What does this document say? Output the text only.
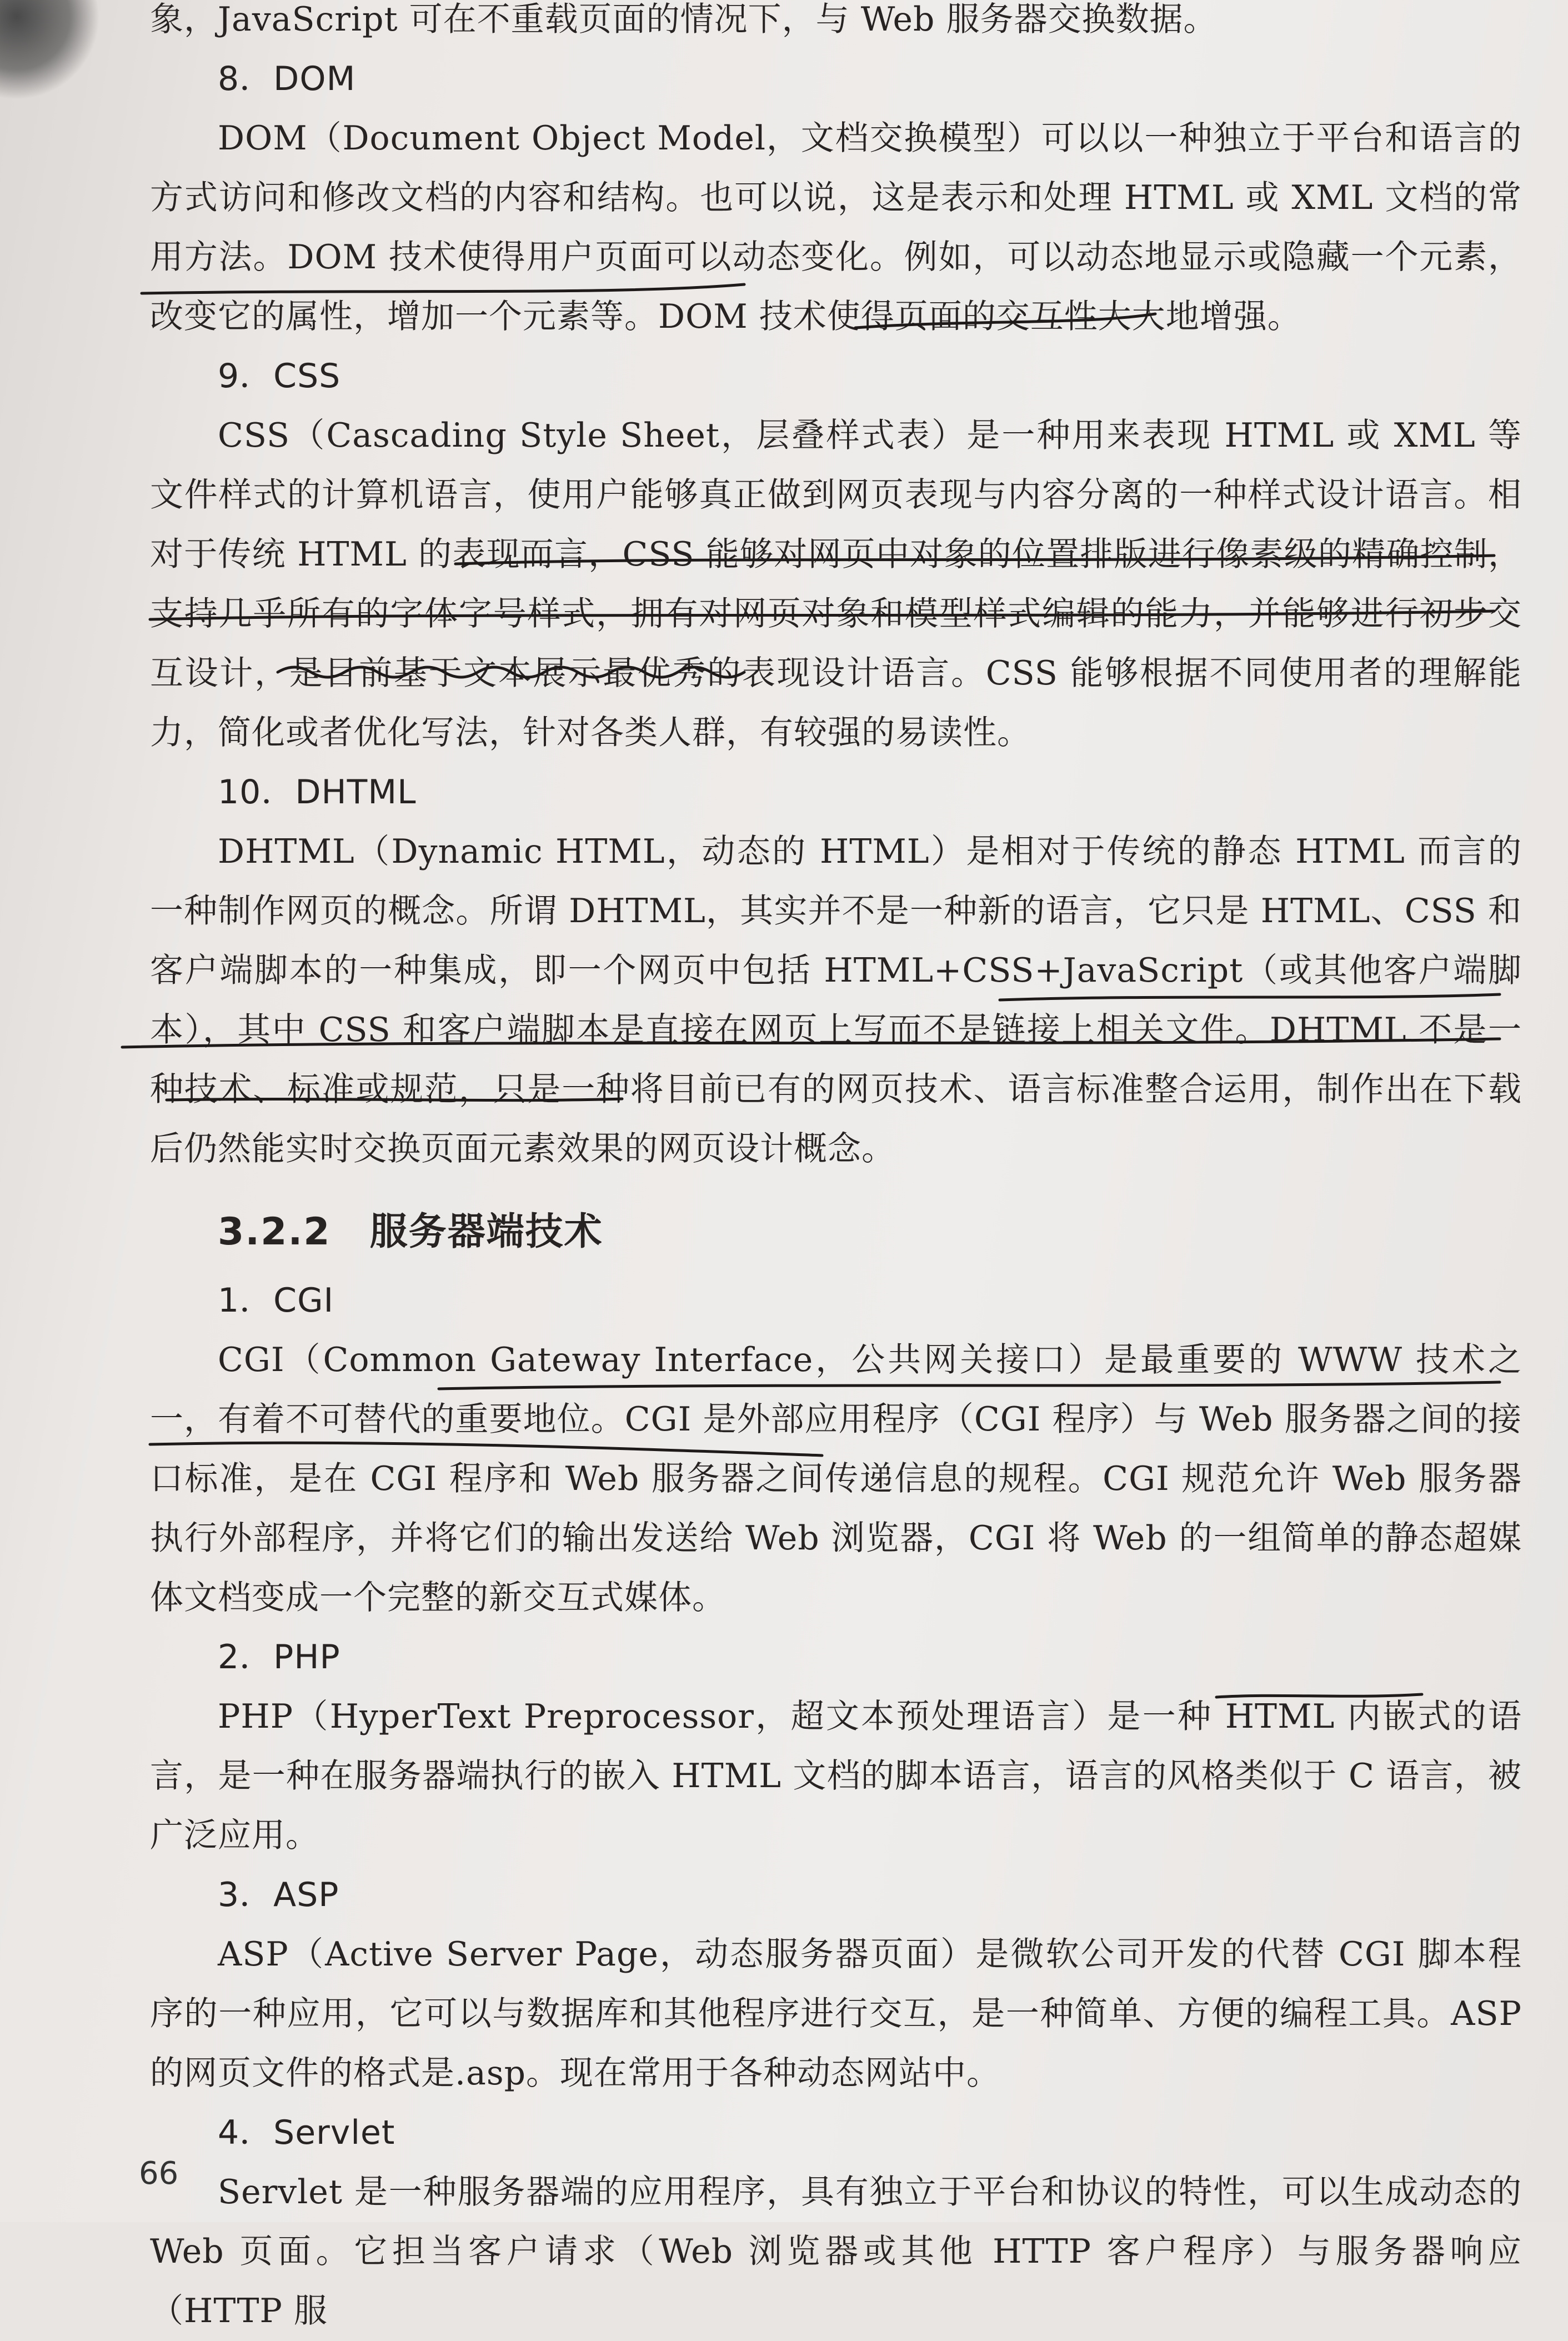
象，JavaScript 可在不重载页面的情况下，与 Web 服务器交换数据。

8．DOM

DOM（Document Object Model，文档交换模型）可以以一种独立于平台和语言的方式访问和修改文档的内容和结构。也可以说，这是表示和处理 HTML 或 XML 文档的常用方法。DOM 技术使得用户页面可以动态变化。例如，可以动态地显示或隐藏一个元素，改变它的属性，增加一个元素等。DOM 技术使得页面的交互性大大地增强。

9．CSS

CSS（Cascading Style Sheet，层叠样式表）是一种用来表现 HTML 或 XML 等文件样式的计算机语言，使用户能够真正做到网页表现与内容分离的一种样式设计语言。相对于传统 HTML 的表现而言，CSS 能够对网页中对象的位置排版进行像素级的精确控制，支持几乎所有的字体字号样式，拥有对网页对象和模型样式编辑的能力，并能够进行初步交互设计，是目前基于文本展示最优秀的表现设计语言。CSS 能够根据不同使用者的理解能力，简化或者优化写法，针对各类人群，有较强的易读性。

10．DHTML

DHTML（Dynamic HTML，动态的 HTML）是相对于传统的静态 HTML 而言的一种制作网页的概念。所谓 DHTML，其实并不是一种新的语言，它只是 HTML、CSS 和客户端脚本的一种集成，即一个网页中包括 HTML+CSS+JavaScript（或其他客户端脚本），其中 CSS 和客户端脚本是直接在网页上写而不是链接上相关文件。DHTML 不是一种技术、标准或规范，只是一种将目前已有的网页技术、语言标准整合运用，制作出在下载后仍然能实时交换页面元素效果的网页设计概念。

3.2.2　服务器端技术
1．CGI

CGI（Common Gateway Interface，公共网关接口）是最重要的 WWW 技术之一，有着不可替代的重要地位。CGI 是外部应用程序（CGI 程序）与 Web 服务器之间的接口标准，是在 CGI 程序和 Web 服务器之间传递信息的规程。CGI 规范允许 Web 服务器执行外部程序，并将它们的输出发送给 Web 浏览器，CGI 将 Web 的一组简单的静态超媒体文档变成一个完整的新交互式媒体。

2．PHP

PHP（HyperText Preprocessor，超文本预处理语言）是一种 HTML 内嵌式的语言，是一种在服务器端执行的嵌入 HTML 文档的脚本语言，语言的风格类似于 C 语言，被广泛应用。

3．ASP

ASP（Active Server Page，动态服务器页面）是微软公司开发的代替 CGI 脚本程序的一种应用，它可以与数据库和其他程序进行交互，是一种简单、方便的编程工具。ASP 的网页文件的格式是.asp。现在常用于各种动态网站中。

4．Servlet

Servlet 是一种服务器端的应用程序，具有独立于平台和协议的特性，可以生成动态的 Web 页面。它担当客户请求（Web 浏览器或其他 HTTP 客户程序）与服务器响应（HTTP 服

66
